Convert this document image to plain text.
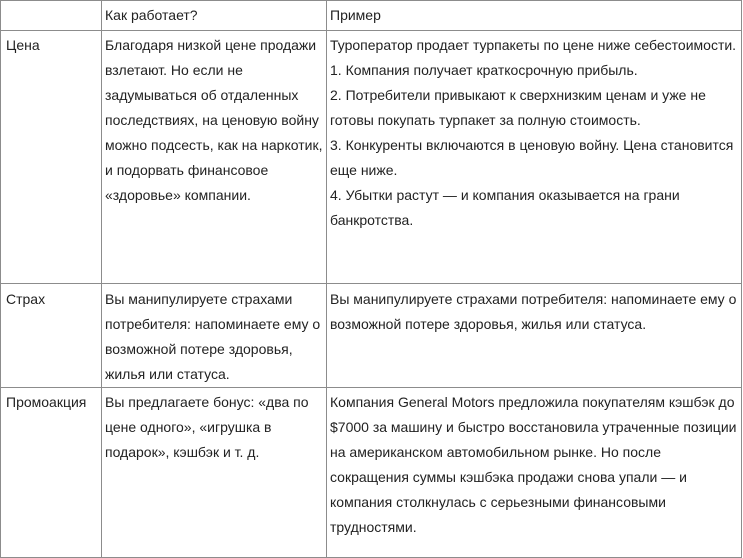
	Как работает?	Пример
Цена	Благодаря низкой цене продажи взлетают. Но если не задумываться об отдаленных последствиях, на ценовую войну можно подсесть, как на наркотик, и подорвать финансовое «здоровье» компании.	Туроператор продает турпакеты по цене ниже себестоимости.
1. Компания получает краткосрочную прибыль.
2. Потребители привыкают к сверхнизким ценам и уже не готовы покупать турпакет за полную стоимость.
3. Конкуренты включаются в ценовую войну. Цена становится еще ниже.
4. Убытки растут — и компания оказывается на грани банкротства.

Страх	Вы манипулируете страхами потребителя: напоминаете ему о возможной потере здоровья, жилья или статуса.	Вы манипулируете страхами потребителя: напоминаете ему о возможной потере здоровья, жилья или статуса.
Промоакция	Вы предлагаете бонус: «два по цене одного», «игрушка в подарок», кэшбэк и т. д.	Компания General Motors предложила покупателям кэшбэк до $7000 за машину и быстро восстановила утраченные позиции на американском автомобильном рынке. Но после сокращения суммы кэшбэка продажи снова упали — и компания столкнулась с серьезными финансовыми трудностями.
